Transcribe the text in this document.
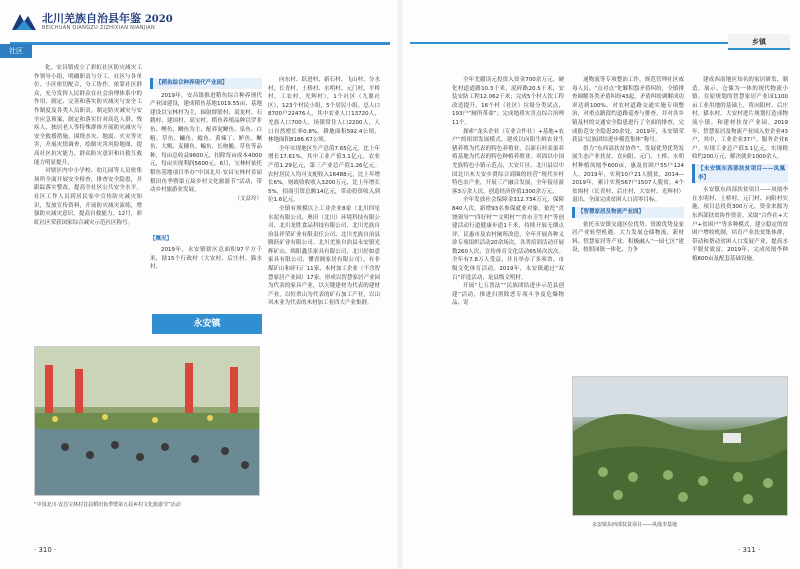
北川羌族自治县年鉴 2020
BEICHUAN QIANGZU ZIZHIXIAN NIANJIAN
社区

化。安昌镇成立了彩虹社区防灾减灾工作领导小组，明确职责与分工，社区与各单位、小区密切配合，分工协作。依靠社区群众，充分发挥人民群众在社会治理体系中的作用，制定、完善和落实防灾减灾与安全工作制度及各类人员职责。制定防灾减灾与安全应急预案，制定和落实针对高危人群、残疾人、独居老人等特殊群体开展防灾减灾与安全救援措施，围绕水灾、地震、火灾等灾害，开展灾情调查，绘制灾害风险地图，提高社区抗灾能力，群众防灾意识和自救互救能力明显提升。

对辖区内中小学校、幼儿园等人员密集场所全面开展安全检查，排查安全隐患，并跟踪落实整改，提高全社区公共安全水平。社区工作人员到居民家中宣传防灾减灾知识，发放宣传资料，开展防灾减灾演练，增强防灾减灾意识，提高自救能力。12月，彩虹社区荣获国家综合减灾示范社区称号。

【稻鱼综合种养现代产业园】

2019年，安昌镇推进稻鱼综合种养现代产业园建设，建成稻鱼基地1019.55亩，基地建设以宝林村为主，辐射群联村、双龙村、石鹤村、建国村、高宝村。稻鱼养殖品种以罗非鱼、鲤鱼、鲫鱼为主，配养泥鳅鱼、泉鱼、白鲢、草鱼、鳙鱼、鲶鱼、黄辣丁、鲈鱼、鳜鱼、大鲵、麦穗鱼、鳊鱼、长吻鮠、草鱼等品种，每亩总收益9600元，扣除每亩成本4000元，每亩实现利润5600元。6月，宝林村依托稻鱼基地项目举办“中国北川·安昌宝林村首届稻田鱼季暨第五届乡村文化旅游节”活动，带动乡村旅游业发展。

（文益玲）

【概况】

2019年，永安镇辖区总面积97平方千米，辖15个行政村（大安村、后庄村、猫水村、

永安镇

向东村、跃进村、新石村、飞山村、分水村、长青村、土桥村、水明村、元门村、平桥村、工农村、光辉村），1个社区（九鼎社区），123个村民小组，5个居民小组。总人口8700户22476人，其中农业人口13720人，羌族人口700人，场镇常住人口2200人，人口自然增长率0.8%。耕地面积592.4公顷，林地面积8186.67公顷。

全年实现地区生产总值7.65亿元，比上年增长17.61%，其中工业产值3.1亿元，农业产值1.29亿元，第三产业总产值1.26亿元。农村居民人均可支配收入16488元，比上年增长6%。财政收收收入3200万元，比上年增长5%，招商引资总额14亿元，带动投资收入到位1.6亿元。

全镇有规模以上工业企业8家（北川四星水泥有限公司、奥田（北川）环境科技有限公司、北川龙胜食品科技有限公司、北川羌族自治县祥荣矿业有限责任公司、北川羌族自治县腾跃矿业有限公司、北川羌族自治县永安镇光辉矿山、绵阳鑫乐家具有限公司、北川好如意家具有限公司、懂香阁家居有限公司），有非煤矿山和碎石厂11家、木材加工企业（不含智慧家居产业园）17家。形成以智慧家居产业园为代表的家具产业，以天键建材为代表的建材产业，以恒翠山为代表的矿石加工产业，以山风木业为代表的木材加工业四大产业集群。

“中国北川·安昌宝林村首届稻田鱼季暨第五届乡村文化旅游节”活动
· 310 ·
乡镇

全年羌疆读元投资入资金700余万元，硬化村道道路10.3千米，泥碎路20.5千米，安装安防工程12.062千米；完成5个村人饮工程改造提升，16个村（社区）垃圾分类试点，193户“厕所革命”；完成地质灾害点综合治理11个。

探索“龙头企业（专业合作社）+基地+农户”的组团发展模式，建成以向阳生鲜农业生猪养殖为代表的特色养殖业，以新石村表果养殖基地为代表的特色种植养殖业。巩固以中国羌族特色小镇示范点、大安片区、北川县以中国北川木大安乡贤综合商圈的经营”现代乡村特色农产业，开展三产融合发展，全年接待游客3万余人次，创造经济价值1300余万元。

全年发放社会保障金312.734万元，保障840人次，新增93名参保就业对象。依托“喜饶领导”“四好村”“文明村”“省市卫生村”等创建活动行道健康步道1千米，持续开展无烟点评、民惠市及农村厕所改造，全年开展各种义诊专项组织活动20余场次，各类培训活动开展数260人次，宣传体育文化活动65场次次次。全年有7.8万人受益，并且举办了多项省、市级文化体育活动。2019年，永安镇通过“双百”评选活动，是县级文明村。

开展“七五普法”“民族团结进步示范县创建”活动，推进扫黑除恶专项斗争及危爆物品、寄

递物流等专项整治工作，规范管理社区戒毒人员。“点对点”化解积怨矛盾纠纷，全镇排查调解各类矛盾纠纷43起，矛盾纠纷调解成功率达到100%。对农村道路交通实施专项整治，对重点路段约道路巡查与排查，并对各乡镇及村的交通安全隐患进行了全面的排查，完成防范安全隐患20余处。2019年，永安镇荣获县“民族团结进步模范集体”称号。

借力“东西部扶贫协作”，发展优势优势发展生态产业扶贫，直向阳、元门、土桥、水明村种植凤凰李600亩，惠及贫困户55户124人。2019年，实现10户21人脱贫，2014—2019年，累计实现567户1507人脱贫。4个贫困村（长青村、后庄村、大安村、光辉村）退出，全面完成贫困人口清零目标。

【智慧家居及物流产业园】

依托永安镇交通区位优势、资源优势及家居产业转型机遇，大力发展仓储物流、新材料、智慧家居等产业。积极融入“一园七区”建设，按照园镇一体化、力争

建成西南地区知名的家居研发、制造、展示、仓储为一体的现代物流小镇。在原规划的智慧家居产业园1100亩工业用地的基础上，将向阳村、后庄村、猫水村、大安村进片规划打造成物流小镇。和建材扶贫产业园。2019年，智慧家居及物流产业园入驻企业43户，其中，工业企业37户，服务企业6户。实现工业总产值3.1亿元，实现税收约200万元，解决就业1000余人。

【永安镇东西部扶贫项目——凤凰李】

永安镇东西部扶贫项目——凤凰李在水明村、土桥村、元门村、向阳村实施，项目总投资300万元，资金来源为东西部扶贫协作资金。采取“合作社+大户+贫困户”等多种模式，建立稳定的贫困户增收机制，培育产业扶贫集体群，带动和帮动贫困人口发展产业，提高水平脱贫致富。2019年，完成凤凰李种植600亩及配套基础设施。

永安镇东西部扶贫项目——凤凰李基地
· 311 ·
